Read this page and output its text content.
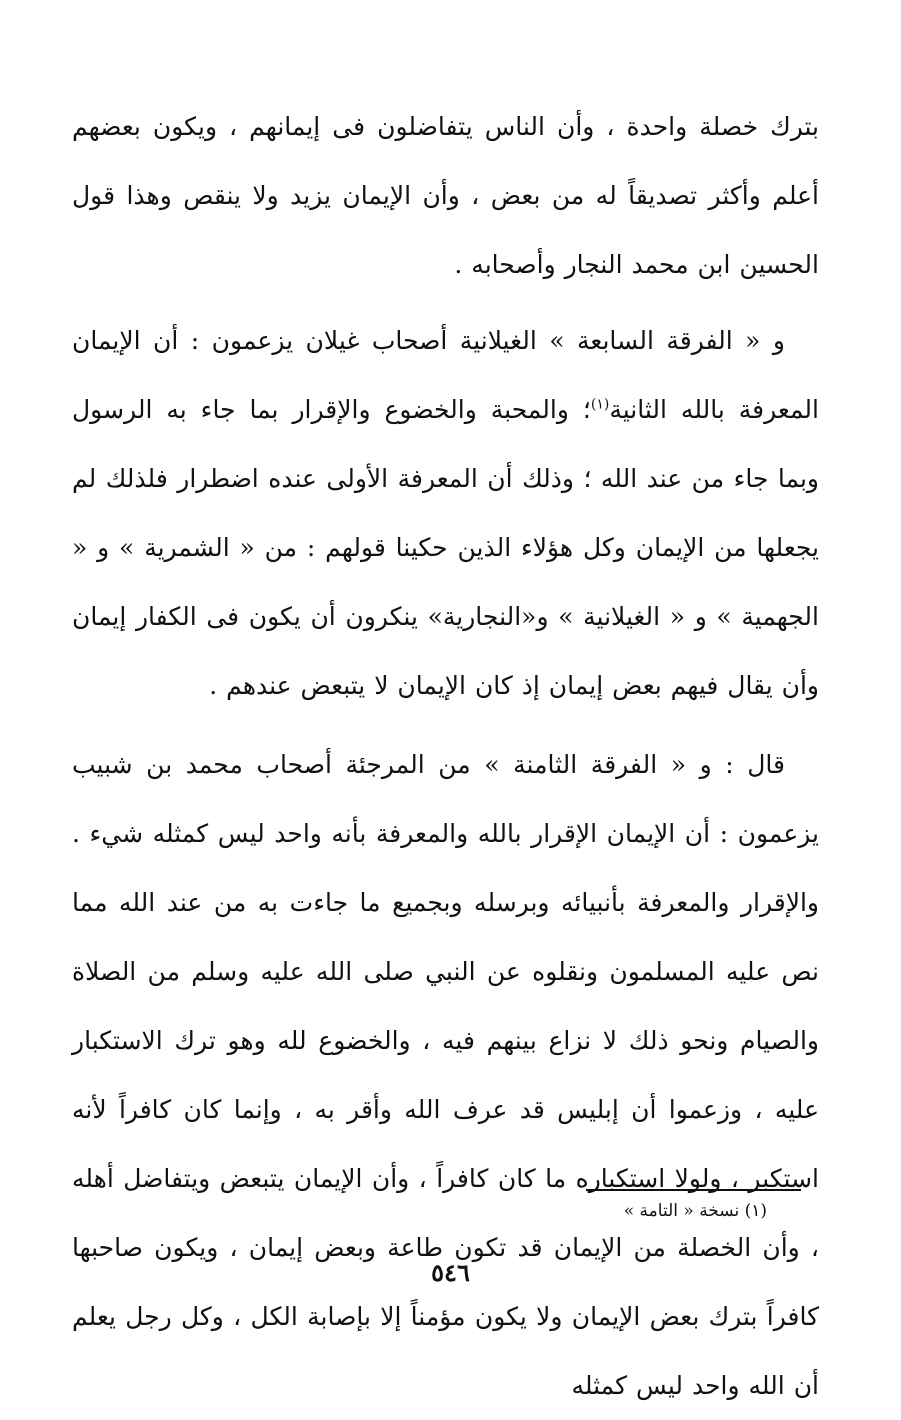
بترك خصلة واحدة ، وأن الناس يتفاضلون فى إيمانهم ، ويكون بعضهم أعلم وأكثر تصديقاً له من بعض ، وأن الإيمان يزيد ولا ينقص وهذا قول الحسين ابن محمد النجار وأصحابه .

و « الفرقة السابعة » الغيلانية أصحاب غيلان يزعمون : أن الإيمان المعرفة بالله الثانية$^{(١)}$؛ والمحبة والخضوع والإقرار بما جاء به الرسول وبما جاء من عند الله ؛ وذلك أن المعرفة الأولى عنده اضطرار فلذلك لم يجعلها من الإيمان وكل هؤلاء الذين حكينا قولهم : من « الشمرية » و « الجهمية » و « الغيلانية » و«النجارية» ينكرون أن يكون فى الكفار إيمان وأن يقال فيهم بعض إيمان إذ كان الإيمان لا يتبعض عندهم .

قال : و « الفرقة الثامنة » من المرجئة أصحاب محمد بن شبيب يزعمون : أن الإيمان الإقرار بالله والمعرفة بأنه واحد ليس كمثله شيء . والإقرار والمعرفة بأنبيائه وبرسله وبجميع ما جاءت به من عند الله مما نص عليه المسلمون ونقلوه عن النبي صلى الله عليه وسلم من الصلاة والصيام ونحو ذلك لا نزاع بينهم فيه ، والخضوع لله وهو ترك الاستكبار عليه ، وزعموا أن إبليس قد عرف الله وأقر به ، وإنما كان كافراً لأنه استكبر ، ولولا استكباره ما كان كافراً ، وأن الإيمان يتبعض ويتفاضل أهله ، وأن الخصلة من الإيمان قد تكون طاعة وبعض إيمان ، ويكون صاحبها كافراً بترك بعض الإيمان ولا يكون مؤمناً إلا بإصابة الكل ، وكل رجل يعلم أن الله واحد ليس كمثله

(١) نسخة « التامة »
٥٤٦
